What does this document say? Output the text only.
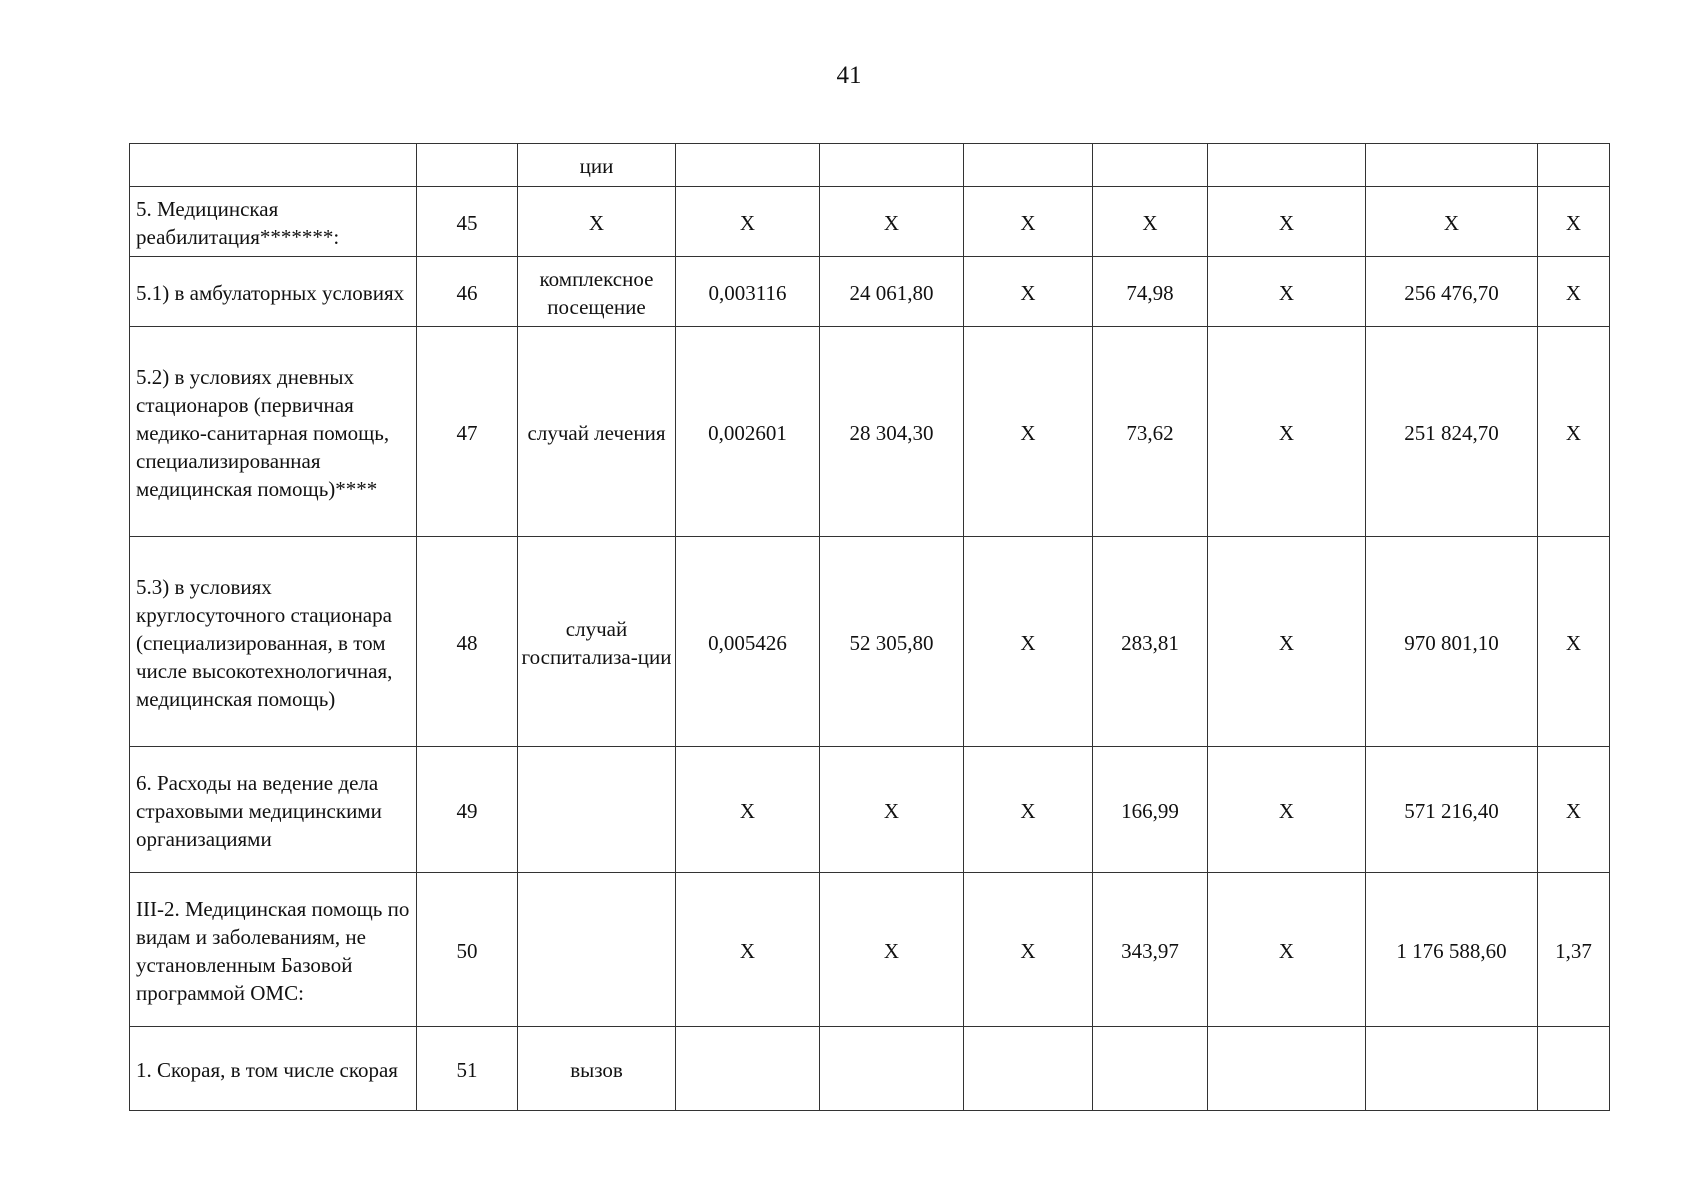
41
		ции							
5. Медицинская реабилитация*******:	45	Х	Х	Х	Х	Х	Х	Х	Х
5.1) в амбулаторных условиях	46	комплексное посещение	0,003116	24 061,80	Х	74,98	Х	256 476,70	Х
5.2) в условиях дневных стационаров (первичная медико-санитарная помощь, специализированная медицинская помощь)****	47	случай лечения	0,002601	28 304,30	Х	73,62	Х	251 824,70	Х
5.3) в условиях круглосуточного стационара (специализированная, в том числе высокотехнологичная, медицинская помощь)	48	случай госпитализа-ции	0,005426	52 305,80	Х	283,81	Х	970 801,10	Х
6. Расходы на ведение дела страховыми медицинскими организациями	49		Х	Х	Х	166,99	Х	571 216,40	Х
III-2. Медицинская помощь по видам и заболеваниям, не установленным Базовой программой ОМС:	50		Х	Х	Х	343,97	Х	1 176 588,60	1,37
1. Скорая, в том числе скорая	51	вызов							
